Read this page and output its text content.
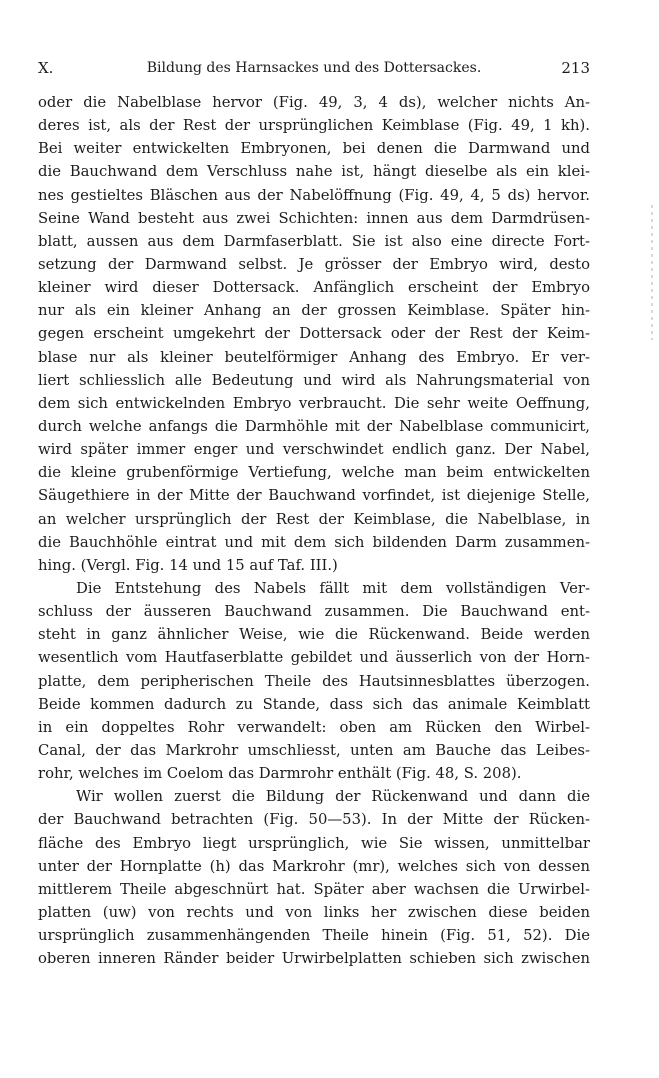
X.	Bildung des Harnsackes und des Dottersackes.	213
oder die Nabelblase hervor (Fig. 49, 3, 4 ds), welcher nichts An-
deres ist, als der Rest der ursprünglichen Keimblase (Fig. 49, 1 kh).
Bei weiter entwickelten Embryonen, bei denen die Darmwand und
die Bauchwand dem Verschluss nahe ist, hängt dieselbe als ein klei-
nes gestieltes Bläschen aus der Nabelöffnung (Fig. 49, 4, 5 ds) hervor.
Seine Wand besteht aus zwei Schichten: innen aus dem Darmdrüsen-
blatt, aussen aus dem Darmfaserblatt. Sie ist also eine directe Fort-
setzung der Darmwand selbst. Je grösser der Embryo wird, desto
kleiner wird dieser Dottersack. Anfänglich erscheint der Embryo
nur als ein kleiner Anhang an der grossen Keimblase. Später hin-
gegen erscheint umgekehrt der Dottersack oder der Rest der Keim-
blase nur als kleiner beutelförmiger Anhang des Embryo. Er ver-
liert schliesslich alle Bedeutung und wird als Nahrungsmaterial von
dem sich entwickelnden Embryo verbraucht. Die sehr weite Oeffnung,
durch welche anfangs die Darmhöhle mit der Nabelblase communicirt,
wird später immer enger und verschwindet endlich ganz. Der Nabel,
die kleine grubenförmige Vertiefung, welche man beim entwickelten
Säugethiere in der Mitte der Bauchwand vorfindet, ist diejenige Stelle,
an welcher ursprünglich der Rest der Keimblase, die Nabelblase, in
die Bauchhöhle eintrat und mit dem sich bildenden Darm zusammen-
hing. (Vergl. Fig. 14 und 15 auf Taf. III.)
Die Entstehung des Nabels fällt mit dem vollständigen Ver-
schluss der äusseren Bauchwand zusammen. Die Bauchwand ent-
steht in ganz ähnlicher Weise, wie die Rückenwand. Beide werden
wesentlich vom Hautfaserblatte gebildet und äusserlich von der Horn-
platte, dem peripherischen Theile des Hautsinnesblattes überzogen.
Beide kommen dadurch zu Stande, dass sich das animale Keimblatt
in ein doppeltes Rohr verwandelt: oben am Rücken den Wirbel-
Canal, der das Markrohr umschliesst, unten am Bauche das Leibes-
rohr, welches im Coelom das Darmrohr enthält (Fig. 48, S. 208).
Wir wollen zuerst die Bildung der Rückenwand und dann die
der Bauchwand betrachten (Fig. 50—53). In der Mitte der Rücken-
fläche des Embryo liegt ursprünglich, wie Sie wissen, unmittelbar
unter der Hornplatte (h) das Markrohr (mr), welches sich von dessen
mittlerem Theile abgeschnürt hat. Später aber wachsen die Urwirbel-
platten (uw) von rechts und von links her zwischen diese beiden
ursprünglich zusammenhängenden Theile hinein (Fig. 51, 52). Die
oberen inneren Ränder beider Urwirbelplatten schieben sich zwischen
